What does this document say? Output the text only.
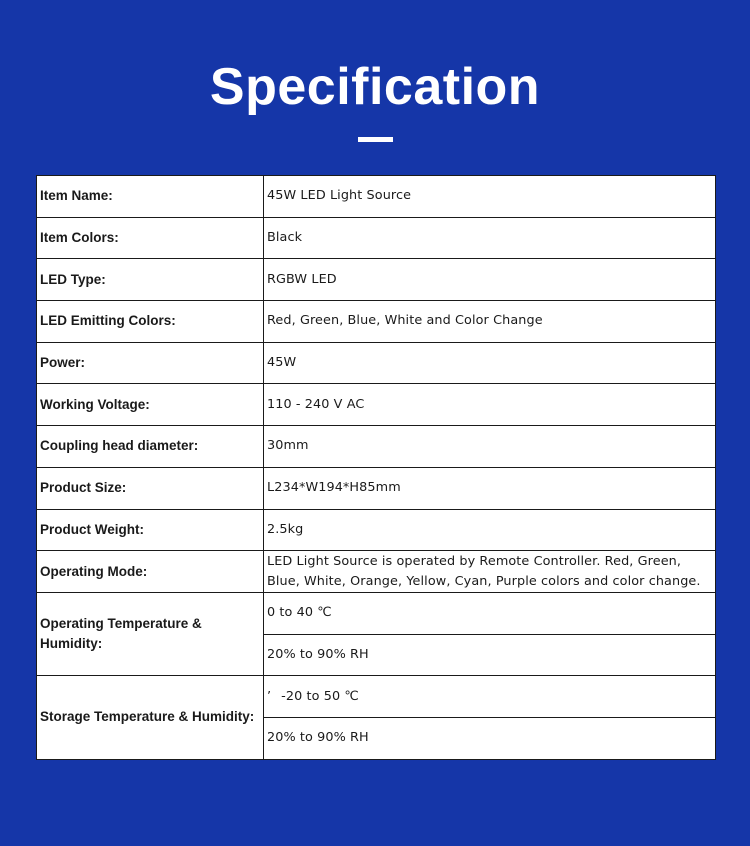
Specification
Item Name:	45W LED Light Source
Item Colors:	Black
LED Type:	RGBW LED
LED Emitting Colors:	Red, Green, Blue, White and Color Change
Power:	45W
Working Voltage:	110 - 240 V AC
Coupling head diameter:	30mm
Product Size:	L234*W194*H85mm
Product Weight:	2.5kg
Operating Mode:	LED Light Source is operated by Remote Controller. Red, Green, Blue, White, Orange, Yellow, Cyan, Purple colors and color change.
Operating Temperature & Humidity:	0 to 40 ℃
	20% to 90% RH
Storage Temperature & Humidity:	’ -20 to 50 ℃
	20% to 90% RH
